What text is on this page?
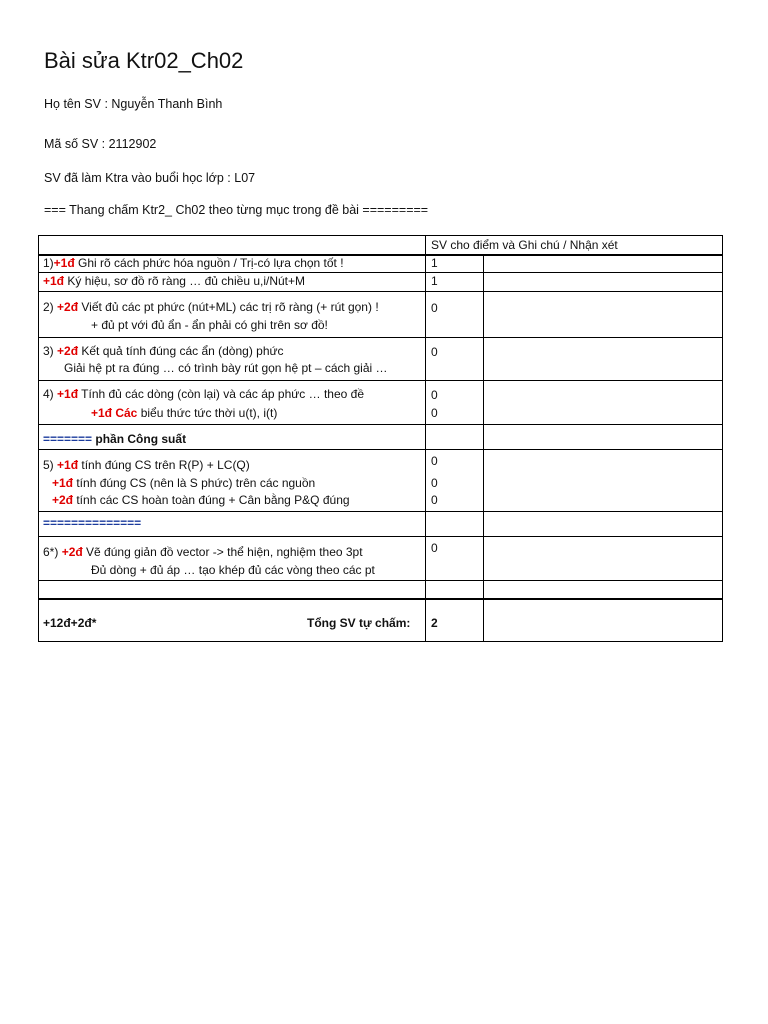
Bài sửa Ktr02_Ch02
Họ tên SV : Nguyễn Thanh Bình
Mã số SV : 2112902
SV đã làm Ktra vào buổi học lớp : L07
=== Thang chấm Ktr2_ Ch02 theo từng mục trong đề bài =========
SV cho điểm và Ghi chú / Nhận xét
1)+1đ Ghi rõ cách phức hóa nguồn / Trị-có lựa chọn tốt !	1
+1đ Ký hiệu, sơ đồ rõ ràng … đủ chiều u,i/Nút+M	1
2) +2đ Viết đủ các pt phức (nút+ML) các trị rõ ràng (+ rút gọn) !	0
+ đủ pt với đủ ẩn - ẩn phải có ghi trên sơ đồ!
3) +2đ Kết quả tính đúng các ẩn (dòng) phức	0
Giải hệ pt ra đúng … có trình bày rút gọn hệ pt – cách giải …
4) +1đ Tính đủ các dòng (còn lại) và các áp phức … theo đề	0
+1đ Các biểu thức tức thời u(t), i(t)	0
======= phần Công suất
5) +1đ tính đúng CS trên R(P) + LC(Q)	0
+1đ tính đúng CS (nên là S phức) trên các nguồn	0
+2đ tính các CS hoàn toàn đúng + Cân bằng P&Q đúng	0
==============
6*) +2đ Vẽ đúng giản đồ vector -> thể hiện, nghiệm theo 3pt	0
Đủ dòng + đủ áp … tạo khép đủ các vòng theo các pt
+12đ+2đ*	Tổng SV tự chấm: 2
